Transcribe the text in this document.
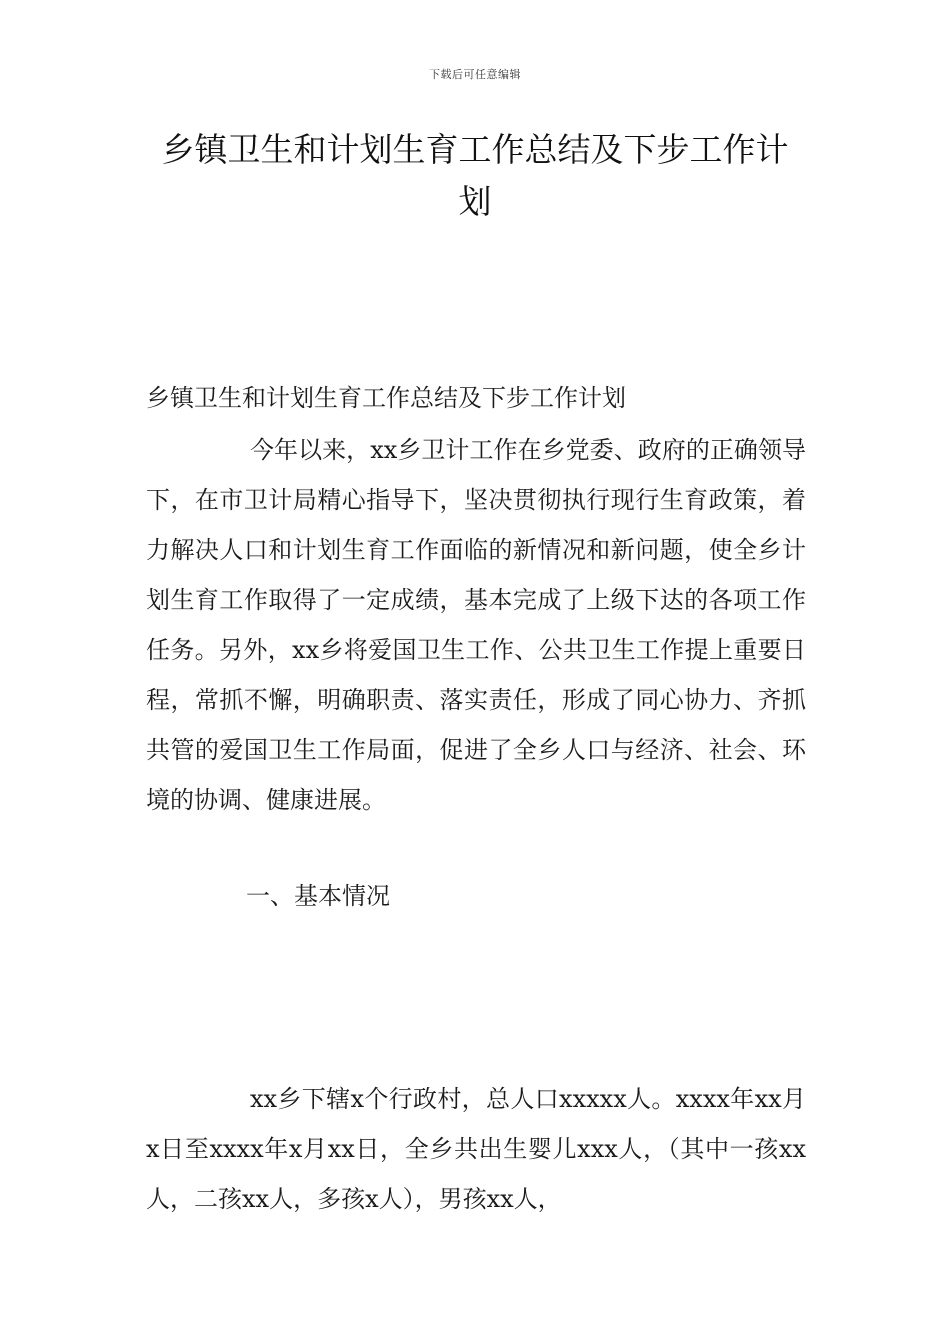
下载后可任意编辑
乡镇卫生和计划生育工作总结及下步工作计划

乡镇卫生和计划生育工作总结及下步工作计划

今年以来，xx乡卫计工作在乡党委、政府的正确领导下，在市卫计局精心指导下，坚决贯彻执行现行生育政策，着力解决人口和计划生育工作面临的新情况和新问题，使全乡计划生育工作取得了一定成绩，基本完成了上级下达的各项工作任务。另外，xx乡将爱国卫生工作、公共卫生工作提上重要日程，常抓不懈，明确职责、落实责任，形成了同心协力、齐抓共管的爱国卫生工作局面，促进了全乡人口与经济、社会、环境的协调、健康进展。

一、基本情况

xx乡下辖x个行政村，总人口xxxxx人。xxxx年xx月x日至xxxx年x月xx日，全乡共出生婴儿xxx人，（其中一孩xx人，二孩xx人，多孩x人），男孩xx人，
